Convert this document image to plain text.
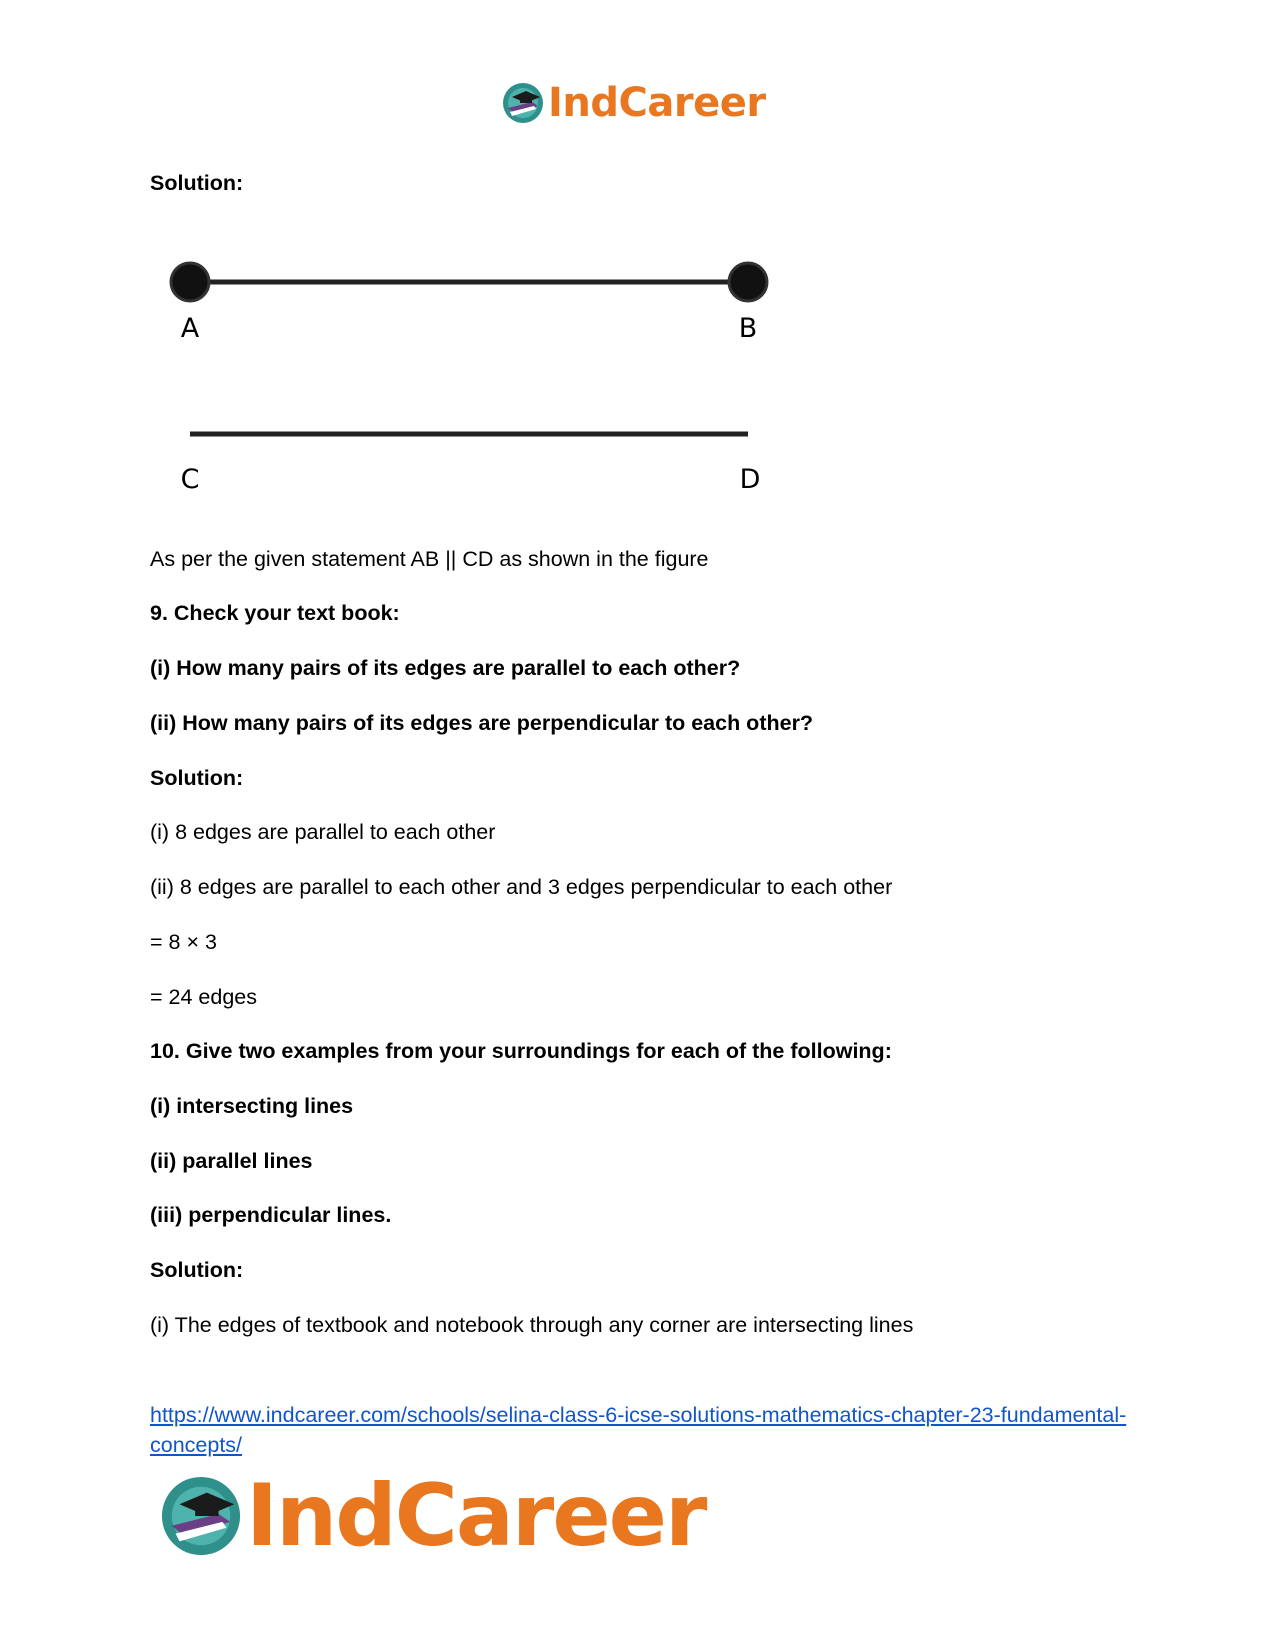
IndCareer
Solution:
A	B
C	D
As per the given statement AB || CD as shown in the figure
9. Check your text book:
(i) How many pairs of its edges are parallel to each other?
(ii) How many pairs of its edges are perpendicular to each other?
Solution:
(i) 8 edges are parallel to each other
(ii) 8 edges are parallel to each other and 3 edges perpendicular to each other
= 8 × 3
= 24 edges
10. Give two examples from your surroundings for each of the following:
(i) intersecting lines
(ii) parallel lines
(iii) perpendicular lines.
Solution:
(i) The edges of textbook and notebook through any corner are intersecting lines
https://www.indcareer.com/schools/selina-class-6-icse-solutions-mathematics-chapter-23-fundamental-concepts/
IndCareer
